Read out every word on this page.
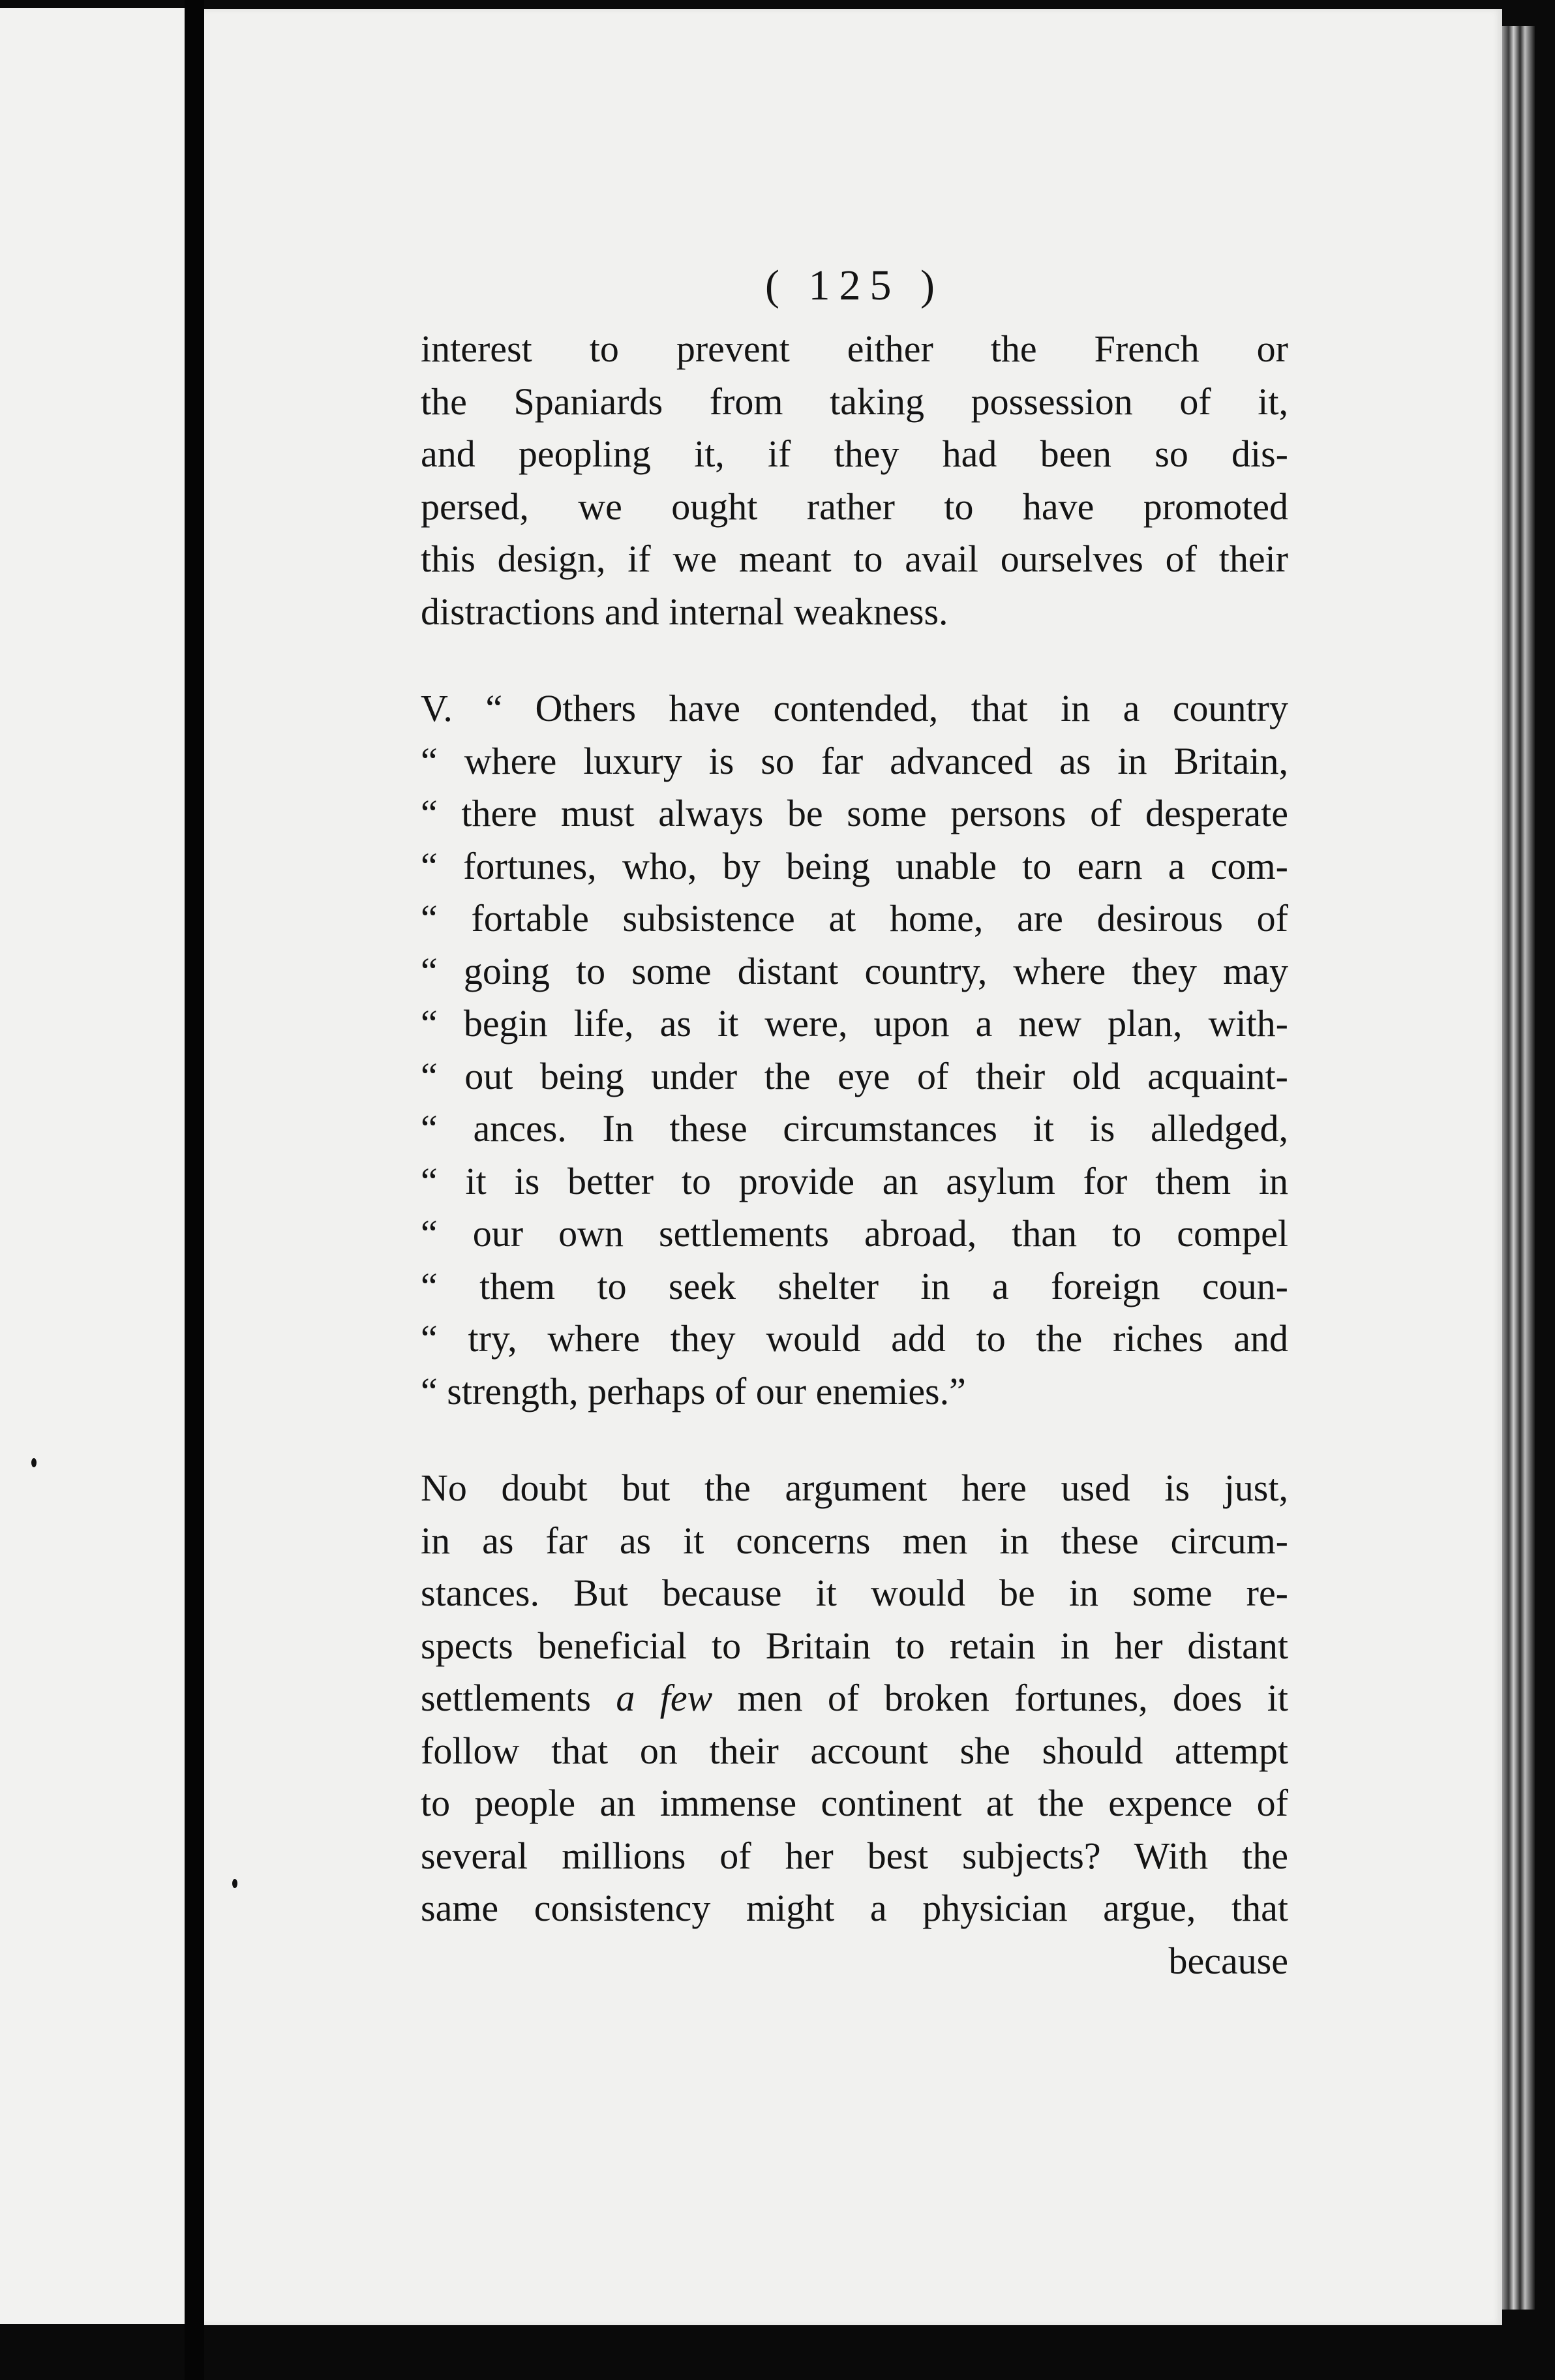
( 125 )
interest to prevent either the French or
the Spaniards from taking possession of it,
and peopling it, if they had been so dis-
persed, we ought rather to have promoted
this design, if we meant to avail ourselves of their
distractions and internal weakness.
V. “ Others have contended, that in a country
“ where luxury is so far advanced as in Britain,
“ there must always be some persons of desperate
“ fortunes, who, by being unable to earn a com-
“ fortable subsistence at home, are desirous of
“ going to some distant country, where they may
“ begin life, as it were, upon a new plan, with-
“ out being under the eye of their old acquaint-
“ ances. In these circumstances it is alledged,
“ it is better to provide an asylum for them in
“ our own settlements abroad, than to compel
“ them to seek shelter in a foreign coun-
“ try, where they would add to the riches and
“ strength, perhaps of our enemies.”
No doubt but the argument here used is just,
in as far as it concerns men in these circum-
stances. But because it would be in some re-
spects beneficial to Britain to retain in her distant
settlements a few men of broken fortunes, does it
follow that on their account she should attempt
to people an immense continent at the expence of
several millions of her best subjects? With the
same consistency might a physician argue, that
because
